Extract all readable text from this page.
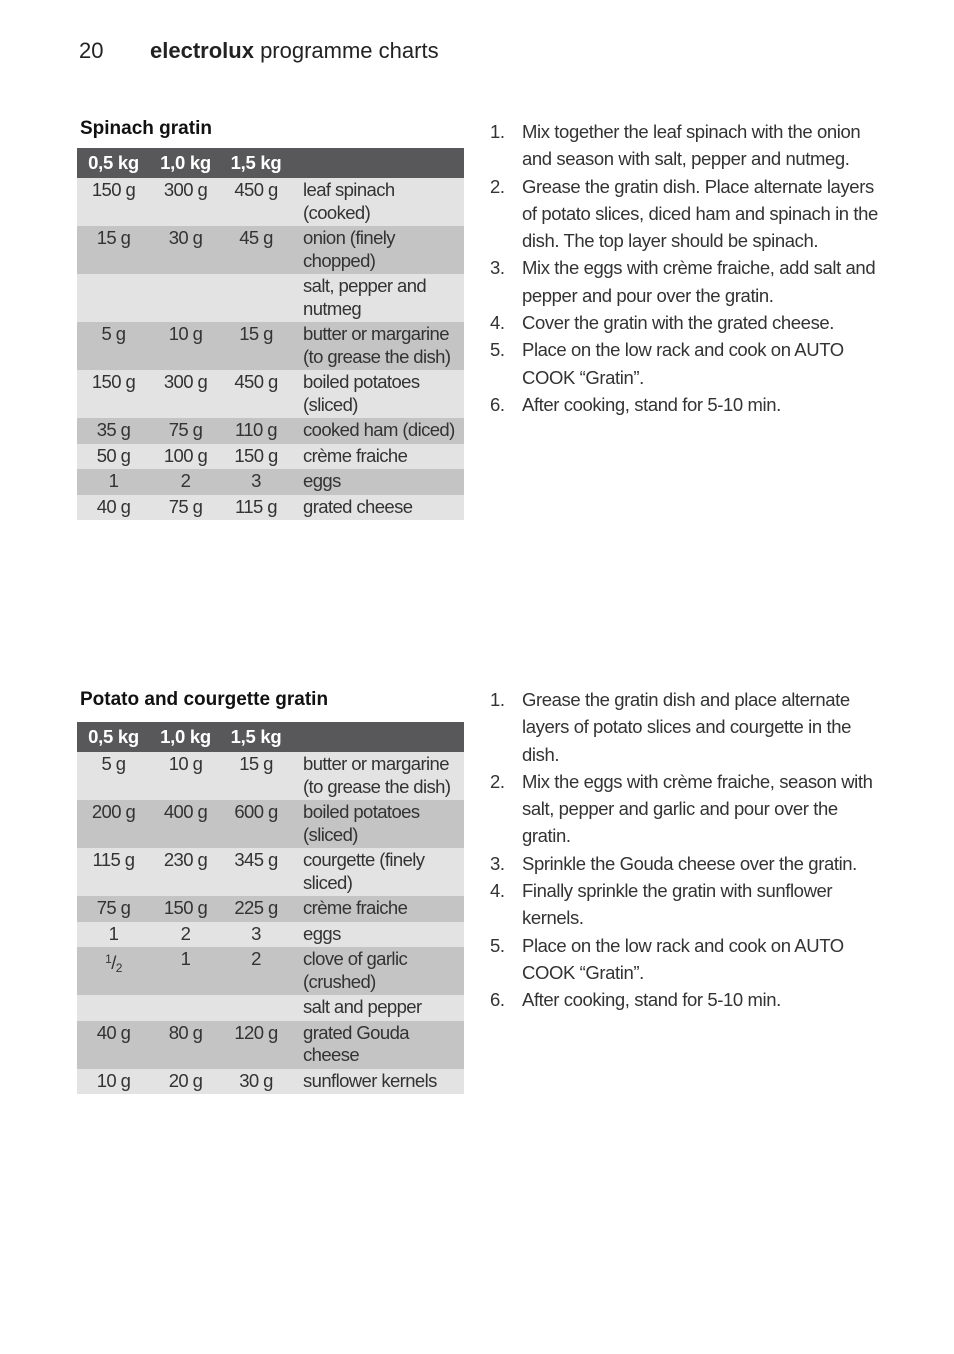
20 electrolux programme charts
Spinach gratin
0,5 kg	1,0 kg	1,5 kg	
150 g	300 g	450 g	leaf spinach (cooked)
15 g	30 g	45 g	onion (finely chopped)
			salt, pepper and nutmeg
5 g	10 g	15 g	butter or margarine (to grease the dish)
150 g	300 g	450 g	boiled potatoes (sliced)
35 g	75 g	110 g	cooked ham (diced)
50 g	100 g	150 g	crème fraiche
1	2	3	eggs
40 g	75 g	115 g	grated cheese
1. Mix together the leaf spinach with the onion and season with salt, pepper and nutmeg.
2. Grease the gratin dish. Place alternate layers of potato slices, diced ham and spinach in the dish. The top layer should be spinach.
3. Mix the eggs with crème fraiche, add salt and pepper and pour over the gratin.
4. Cover the gratin with the grated cheese.
5. Place on the low rack and cook on AUTO COOK “Gratin”.
6. After cooking, stand for 5-10 min.
Potato and courgette gratin
0,5 kg	1,0 kg	1,5 kg	
5 g	10 g	15 g	butter or margarine (to grease the dish)
200 g	400 g	600 g	boiled potatoes (sliced)
115 g	230 g	345 g	courgette (finely sliced)
75 g	150 g	225 g	crème fraiche
1	2	3	eggs
$^1/_2$	1	2	clove of garlic (crushed)
			salt and pepper
40 g	80 g	120 g	grated Gouda cheese
10 g	20 g	30 g	sunflower kernels
1. Grease the gratin dish and place alternate layers of potato slices and courgette in the dish.
2. Mix the eggs with crème fraiche, season with salt, pepper and garlic and pour over the gratin.
3. Sprinkle the Gouda cheese over the gratin.
4. Finally sprinkle the gratin with sunflower kernels.
5. Place on the low rack and cook on AUTO COOK “Gratin”.
6. After cooking, stand for 5-10 min.
